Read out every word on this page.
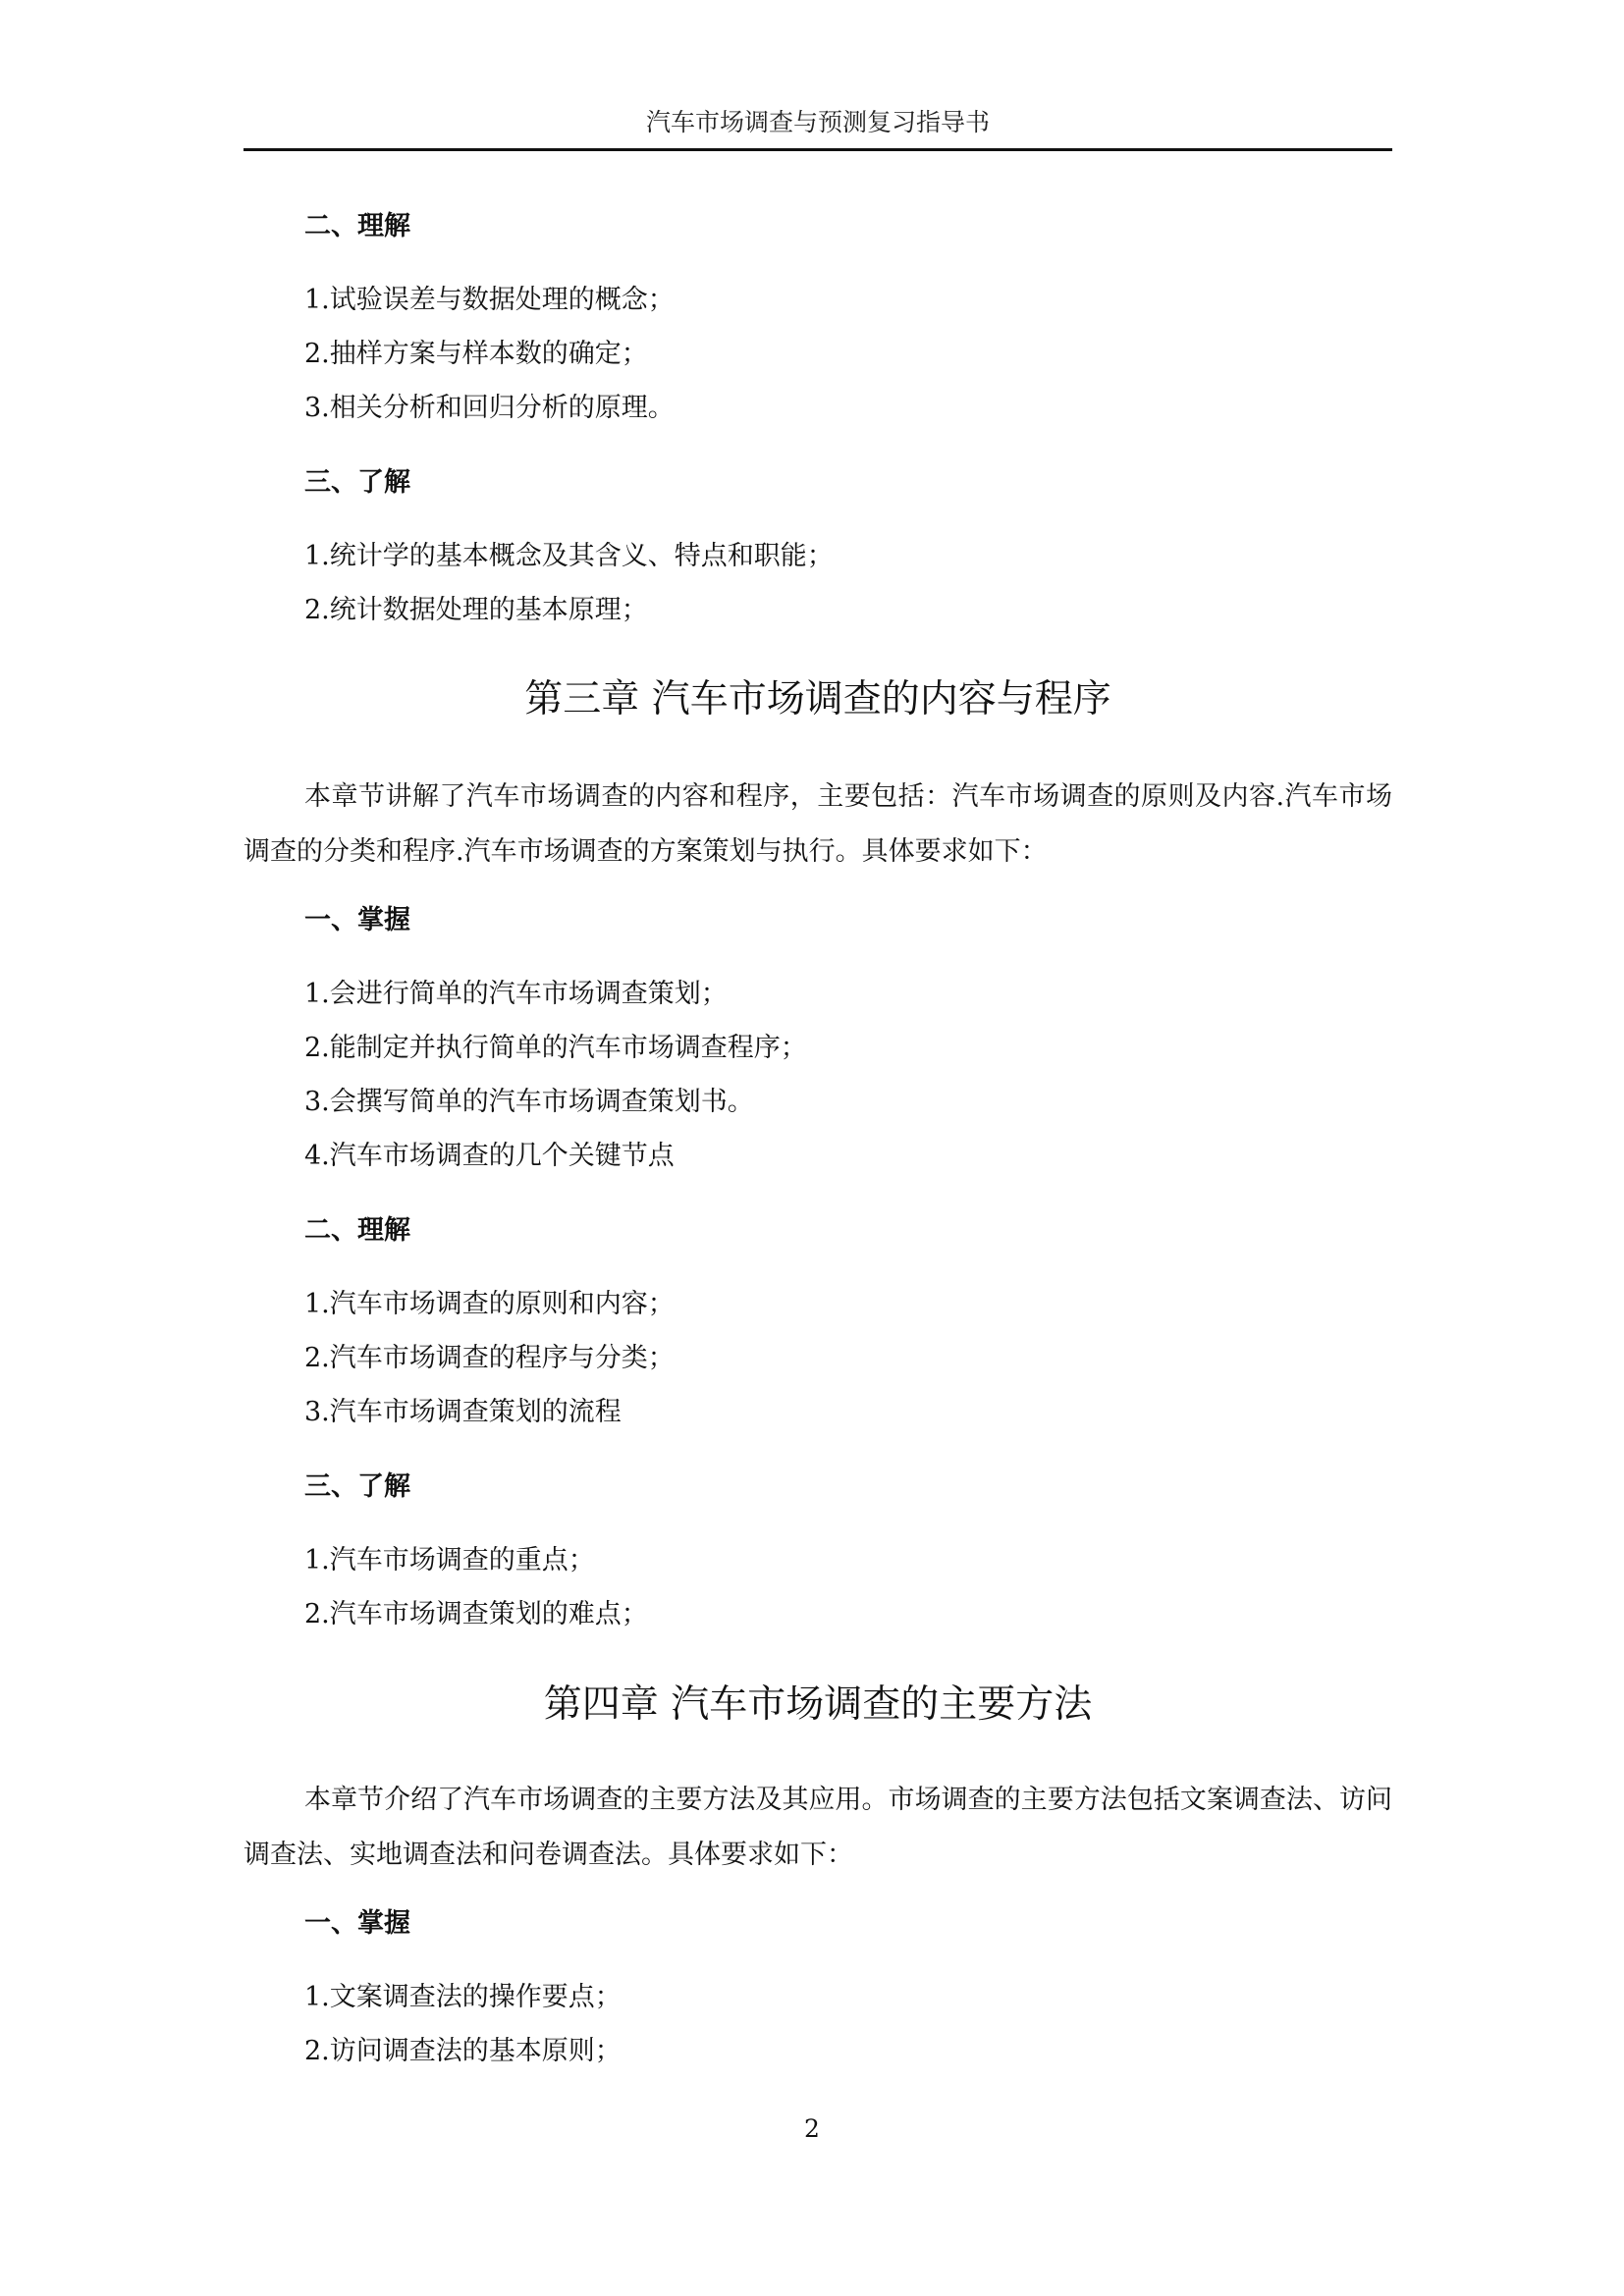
汽车市场调查与预测复习指导书
二、理解
1.试验误差与数据处理的概念；
2.抽样方案与样本数的确定；
3.相关分析和回归分析的原理。
三、了解
1.统计学的基本概念及其含义、特点和职能；
2.统计数据处理的基本原理；
第三章 汽车市场调查的内容与程序
本章节讲解了汽车市场调查的内容和程序，主要包括：汽车市场调查的原则及内容.汽车市场调查的分类和程序.汽车市场调查的方案策划与执行。具体要求如下：
一、掌握
1.会进行简单的汽车市场调查策划；
2.能制定并执行简单的汽车市场调查程序；
3.会撰写简单的汽车市场调查策划书。
4.汽车市场调查的几个关键节点
二、理解
1.汽车市场调查的原则和内容；
2.汽车市场调查的程序与分类；
3.汽车市场调查策划的流程
三、了解
1.汽车市场调查的重点；
2.汽车市场调查策划的难点；
第四章 汽车市场调查的主要方法
本章节介绍了汽车市场调查的主要方法及其应用。市场调查的主要方法包括文案调查法、访问调查法、实地调查法和问卷调查法。具体要求如下：
一、掌握
1.文案调查法的操作要点；
2.访问调查法的基本原则；
2
